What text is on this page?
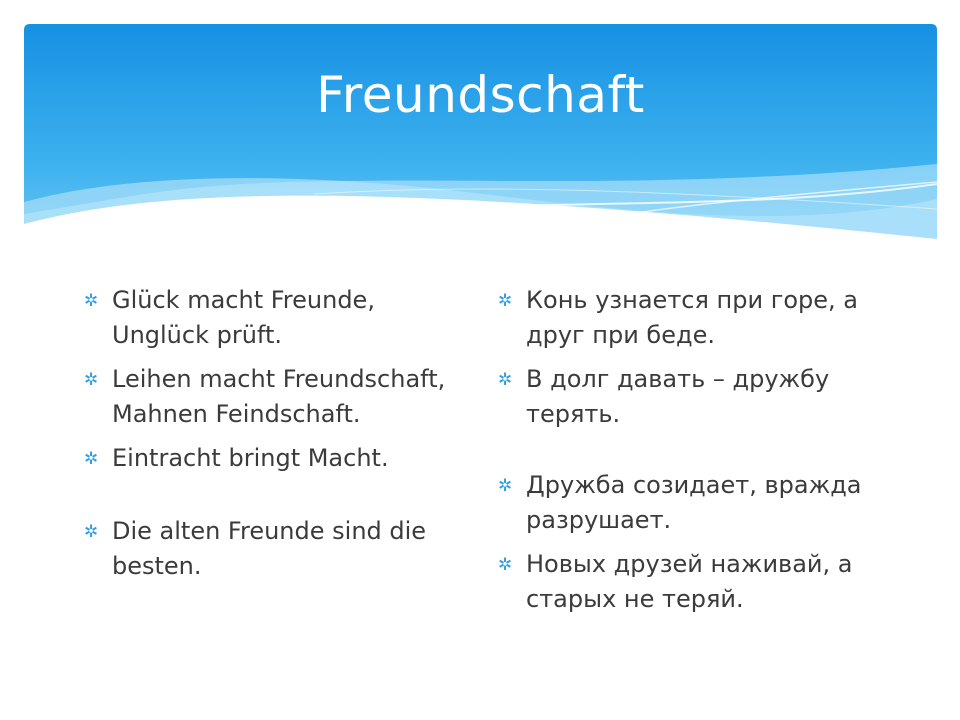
Freundschaft
✲ Glück macht Freunde, Unglück prüft.
✲ Leihen macht Freundschaft, Mahnen Feindschaft.
✲ Eintracht bringt Macht.
✲ Die alten Freunde sind die besten.
✲ Конь узнается при горе, а друг при беде.
✲ В долг давать – дружбу терять.
✲ Дружба созидает, вражда разрушает.
✲ Новых друзей наживай, а старых не теряй.
